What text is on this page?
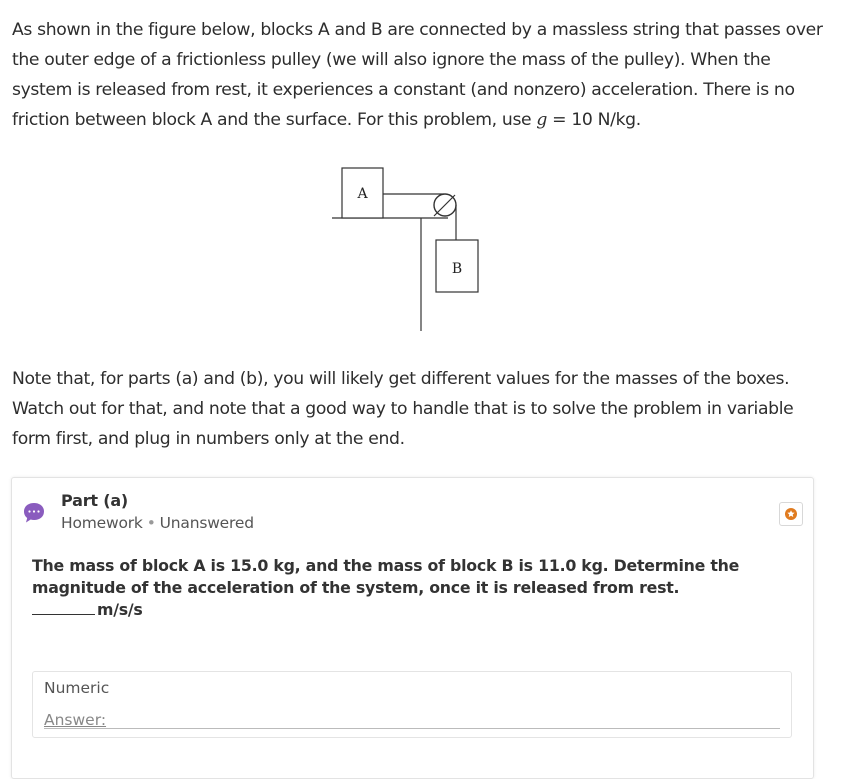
As shown in the figure below, blocks A and B are connected by a massless string that passes over the outer edge of a frictionless pulley (we will also ignore the mass of the pulley). When the system is released from rest, it experiences a constant (and nonzero) acceleration. There is no friction between block A and the surface. For this problem, use g = 10 N/kg.

A
B

Note that, for parts (a) and (b), you will likely get different values for the masses of the boxes. Watch out for that, and note that a good way to handle that is to solve the problem in variable form first, and plug in numbers only at the end.

Part (a)
Homework • Unanswered
The mass of block A is 15.0 kg, and the mass of block B is 11.0 kg. Determine the magnitude of the acceleration of the system, once it is released from rest.
m/s/s
Numeric
Answer:
